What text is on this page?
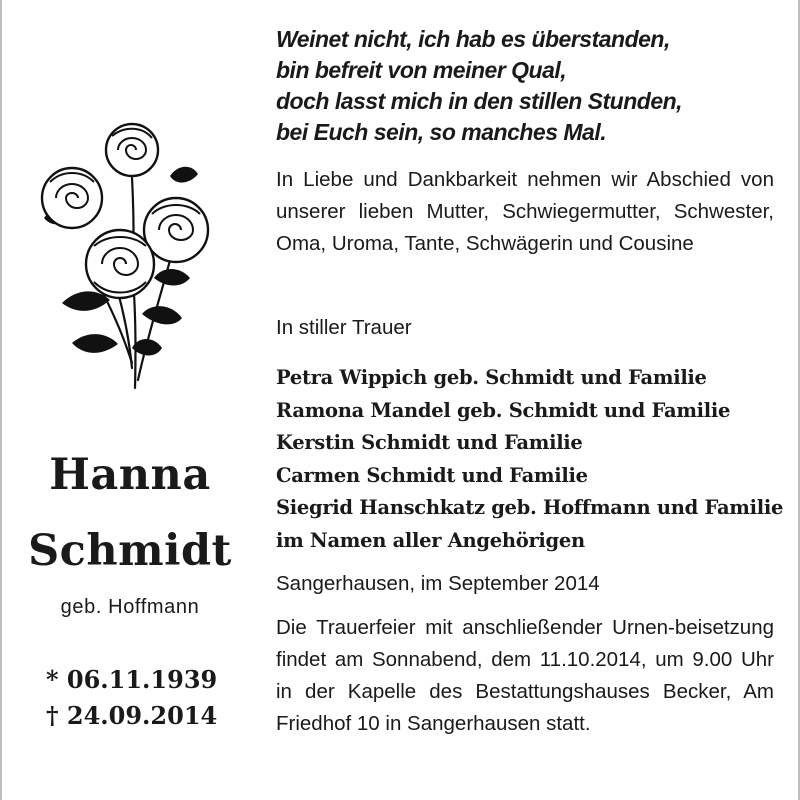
Hanna
Schmidt
geb. Hoffmann
* 06.11.1939
† 24.09.2014
Weinet nicht, ich hab es überstanden,
bin befreit von meiner Qual,
doch lasst mich in den stillen Stunden,
bei Euch sein, so manches Mal.
In Liebe und Dankbarkeit nehmen wir Abschied von unserer lieben Mutter, Schwiegermutter, Schwester, Oma, Uroma, Tante, Schwägerin und Cousine
In stiller Trauer
Petra Wippich geb. Schmidt und Familie
Ramona Mandel geb. Schmidt und Familie
Kerstin Schmidt und Familie
Carmen Schmidt und Familie
Siegrid Hanschkatz geb. Hoffmann und Familie
im Namen aller Angehörigen
Sangerhausen, im September 2014
Die Trauerfeier mit anschließender Urnen-beisetzung findet am Sonnabend, dem 11.10.2014, um 9.00 Uhr in der Kapelle des Bestattungshauses Becker, Am Friedhof 10 in Sangerhausen statt.
